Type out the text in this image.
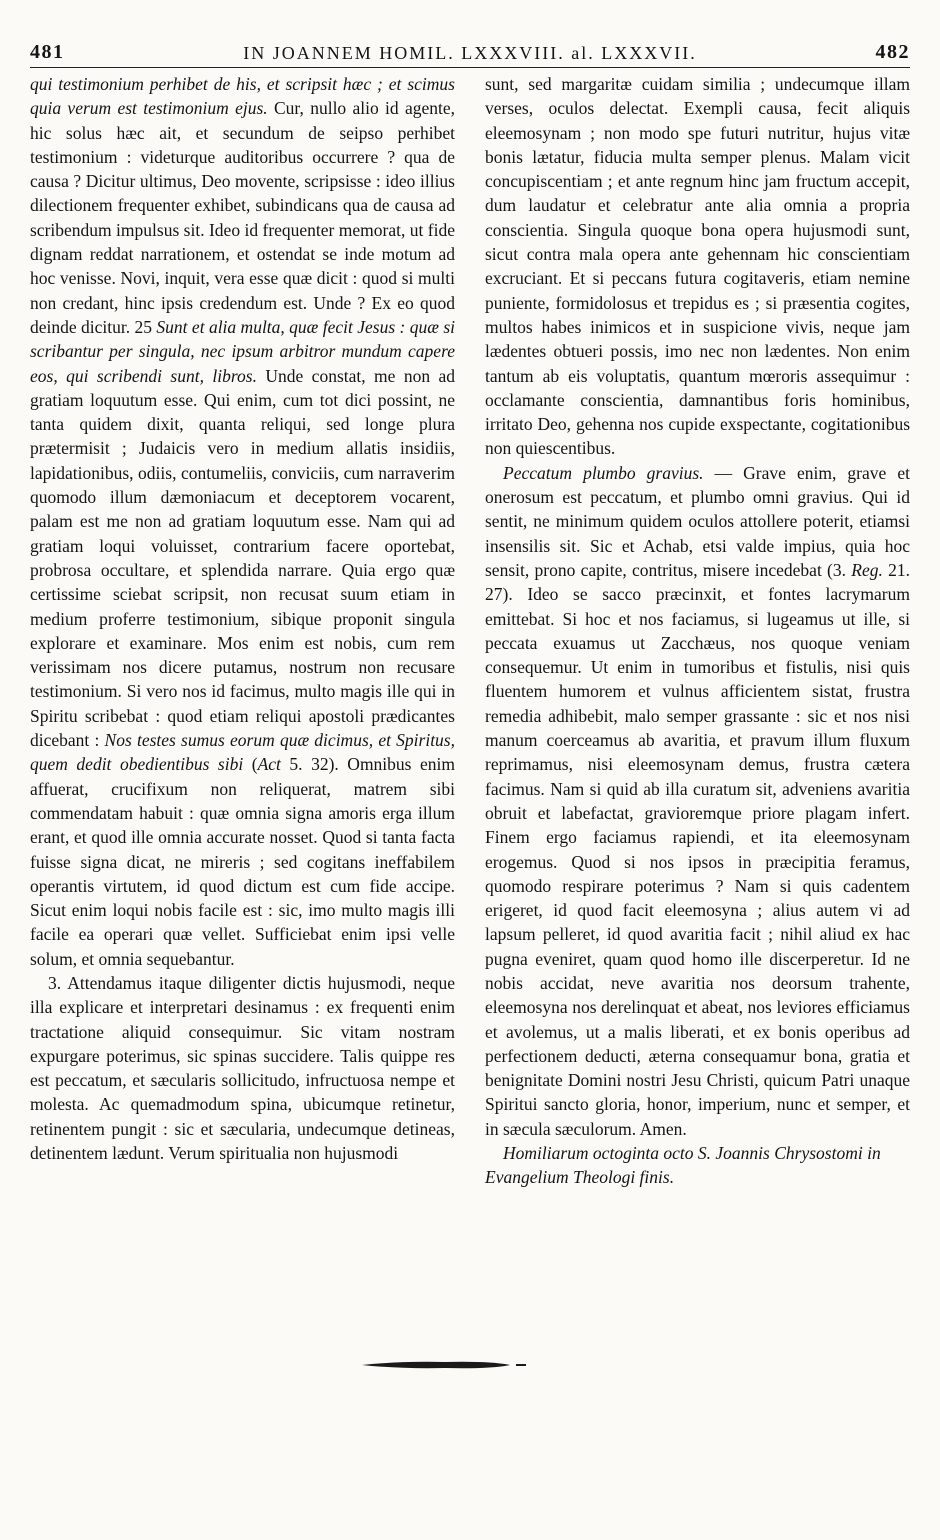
481	IN JOANNEM HOMIL. LXXXVIII. al. LXXXVII.	482

qui testimonium perhibet de his, et scripsit hæc ; et scimus quia verum est testimonium ejus. Cur, nullo alio id agente, hic solus hæc ait, et secundum de seipso perhibet testimonium : videturque auditoribus occurrere ? qua de causa ? Dicitur ultimus, Deo movente, scripsisse : ideo illius dilectionem frequenter exhibet, subindicans qua de causa ad scribendum impulsus sit. Ideo id frequenter memorat, ut fide dignam reddat narrationem, et ostendat se inde motum ad hoc venisse. Novi, inquit, vera esse quæ dicit : quod si multi non credant, hinc ipsis credendum est. Unde ? Ex eo quod deinde dicitur. 25 Sunt et alia multa, quæ fecit Jesus : quæ si scribantur per singula, nec ipsum arbitror mundum capere eos, qui scribendi sunt, libros. Unde constat, me non ad gratiam loquutum esse. Qui enim, cum tot dici possint, ne tanta quidem dixit, quanta reliqui, sed longe plura prætermisit ; Judaicis vero in medium allatis insidiis, lapidationibus, odiis, contumeliis, conviciis, cum narraverim quomodo illum dæmoniacum et deceptorem vocarent, palam est me non ad gratiam loquutum esse. Nam qui ad gratiam loqui voluisset, contrarium facere oportebat, probrosa occultare, et splendida narrare. Quia ergo quæ certissime sciebat scripsit, non recusat suum etiam in medium proferre testimonium, sibique proponit singula explorare et examinare. Mos enim est nobis, cum rem verissimam nos dicere putamus, nostrum non recusare testimonium. Si vero nos id facimus, multo magis ille qui in Spiritu scribebat : quod etiam reliqui apostoli prædicantes dicebant : Nos testes sumus eorum quæ dicimus, et Spiritus, quem dedit obedientibus sibi (Act 5. 32). Omnibus enim affuerat, crucifixum non reliquerat, matrem sibi commendatam habuit : quæ omnia signa amoris erga illum erant, et quod ille omnia accurate nosset. Quod si tanta facta fuisse signa dicat, ne mireris ; sed cogitans ineffabilem operantis virtutem, id quod dictum est cum fide accipe. Sicut enim loqui nobis facile est : sic, imo multo magis illi facile ea operari quæ vellet. Sufficiebat enim ipsi velle solum, et omnia sequebantur.

3. Attendamus itaque diligenter dictis hujusmodi, neque illa explicare et interpretari desinamus : ex frequenti enim tractatione aliquid consequimur. Sic vitam nostram expurgare poterimus, sic spinas succidere. Talis quippe res est peccatum, et sæcularis sollicitudo, infructuosa nempe et molesta. Ac quemadmodum spina, ubicumque retinetur, retinentem pungit : sic et sæcularia, undecumque detineas, detinentem lædunt. Verum spiritualia non hujusmodi

sunt, sed margaritæ cuidam similia ; undecumque illam verses, oculos delectat. Exempli causa, fecit aliquis eleemosynam ; non modo spe futuri nutritur, hujus vitæ bonis lætatur, fiducia multa semper plenus. Malam vicit concupiscentiam ; et ante regnum hinc jam fructum accepit, dum laudatur et celebratur ante alia omnia a propria conscientia. Singula quoque bona opera hujusmodi sunt, sicut contra mala opera ante gehennam hic conscientiam excruciant. Et si peccans futura cogitaveris, etiam nemine puniente, formidolosus et trepidus es ; si præsentia cogites, multos habes inimicos et in suspicione vivis, neque jam lædentes obtueri possis, imo nec non lædentes. Non enim tantum ab eis voluptatis, quantum mœroris assequimur : occlamante conscientia, damnantibus foris hominibus, irritato Deo, gehenna nos cupide exspectante, cogitationibus non quiescentibus.

Peccatum plumbo gravius. — Grave enim, grave et onerosum est peccatum, et plumbo omni gravius. Qui id sentit, ne minimum quidem oculos attollere poterit, etiamsi insensilis sit. Sic et Achab, etsi valde impius, quia hoc sensit, prono capite, contritus, misere incedebat (3. Reg. 21. 27). Ideo se sacco præcinxit, et fontes lacrymarum emittebat. Si hoc et nos faciamus, si lugeamus ut ille, si peccata exuamus ut Zacchæus, nos quoque veniam consequemur. Ut enim in tumoribus et fistulis, nisi quis fluentem humorem et vulnus afficientem sistat, frustra remedia adhibebit, malo semper grassante : sic et nos nisi manum coerceamus ab avaritia, et pravum illum fluxum reprimamus, nisi eleemosynam demus, frustra cætera facimus. Nam si quid ab illa curatum sit, adveniens avaritia obruit et labefactat, gravioremque priore plagam infert. Finem ergo faciamus rapiendi, et ita eleemosynam erogemus. Quod si nos ipsos in præcipitia feramus, quomodo respirare poterimus ? Nam si quis cadentem erigeret, id quod facit eleemosyna ; alius autem vi ad lapsum pelleret, id quod avaritia facit ; nihil aliud ex hac pugna eveniret, quam quod homo ille discerperetur. Id ne nobis accidat, neve avaritia nos deorsum trahente, eleemosyna nos derelinquat et abeat, nos leviores efficiamus et avolemus, ut a malis liberati, et ex bonis operibus ad perfectionem deducti, æterna consequamur bona, gratia et benignitate Domini nostri Jesu Christi, quicum Patri unaque Spiritui sancto gloria, honor, imperium, nunc et semper, et in sæcula sæculorum. Amen.

Homiliarum octoginta octo S. Joannis Chrysostomi in Evangelium Theologi finis.
